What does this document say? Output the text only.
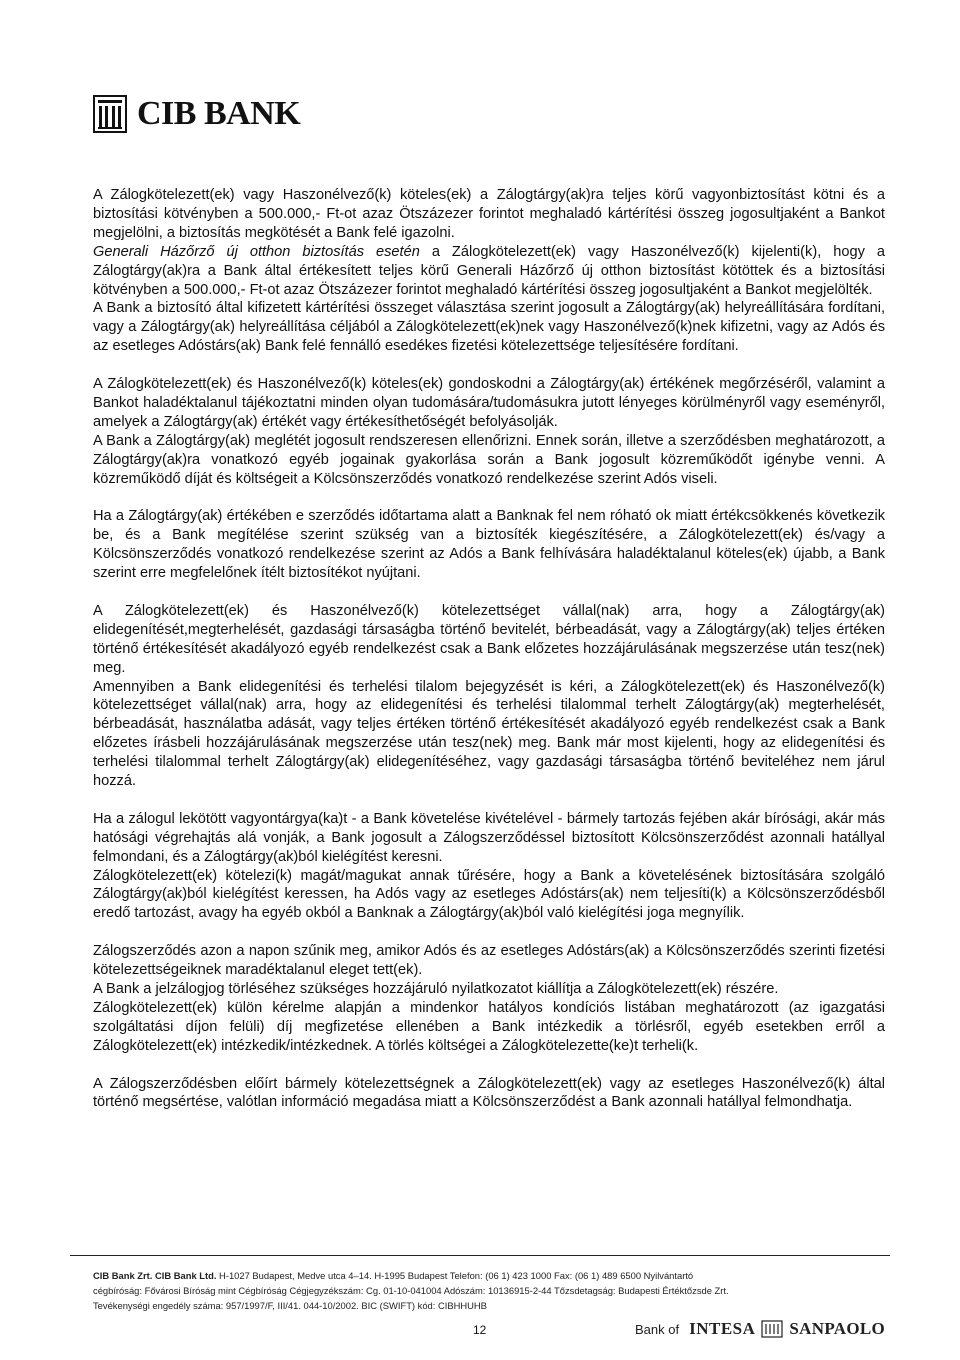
CIB BANK

A Zálogkötelezett(ek) vagy Haszonélvező(k) köteles(ek) a Zálogtárgy(ak)ra teljes körű vagyonbiztosítást kötni és a biztosítási kötvényben a 500.000,- Ft-ot azaz Ötszázezer forintot meghaladó kártérítési összeg jogosultjaként a Bankot megjelölni, a biztosítás megkötését a Bank felé igazolni.

Generali Házőrző új otthon biztosítás esetén a Zálogkötelezett(ek) vagy Haszonélvező(k) kijelenti(k), hogy a Zálogtárgy(ak)ra a Bank által értékesített teljes körű Generali Házőrző új otthon biztosítást kötöttek és a biztosítási kötvényben a 500.000,- Ft-ot azaz Ötszázezer forintot meghaladó kártérítési összeg jogosultjaként a Bankot megjelölték.

A Bank a biztosító által kifizetett kártérítési összeget választása szerint jogosult a Zálogtárgy(ak) helyreállítására fordítani, vagy a Zálogtárgy(ak) helyreállítása céljából a Zálogkötelezett(ek)nek vagy Haszonélvező(k)nek kifizetni, vagy az Adós és az esetleges Adóstárs(ak) Bank felé fennálló esedékes fizetési kötelezettsége teljesítésére fordítani.

A Zálogkötelezett(ek) és Haszonélvező(k) köteles(ek) gondoskodni a Zálogtárgy(ak) értékének megőrzéséről, valamint a Bankot haladéktalanul tájékoztatni minden olyan tudomására/tudomásukra jutott lényeges körülményről vagy eseményről, amelyek a Zálogtárgy(ak) értékét vagy értékesíthetőségét befolyásolják.

A Bank a Zálogtárgy(ak) meglétét jogosult rendszeresen ellenőrizni. Ennek során, illetve a szerződésben meghatározott, a Zálogtárgy(ak)ra vonatkozó egyéb jogainak gyakorlása során a Bank jogosult közreműködőt igénybe venni. A közreműködő díját és költségeit a Kölcsönszerződés vonatkozó rendelkezése szerint Adós viseli.

Ha a Zálogtárgy(ak) értékében e szerződés időtartama alatt a Banknak fel nem róható ok miatt értékcsökkenés következik be, és a Bank megítélése szerint szükség van a biztosíték kiegészítésére, a Zálogkötelezett(ek) és/vagy a Kölcsönszerződés vonatkozó rendelkezése szerint az Adós a Bank felhívására haladéktalanul köteles(ek) újabb, a Bank szerint erre megfelelőnek ítélt biztosítékot nyújtani.

A Zálogkötelezett(ek) és Haszonélvező(k) kötelezettséget vállal(nak) arra, hogy a Zálogtárgy(ak) elidegenítését,megterhelését, gazdasági társaságba történő bevitelét, bérbeadását, vagy a Zálogtárgy(ak) teljes értéken történő értékesítését akadályozó egyéb rendelkezést csak a Bank előzetes hozzájárulásának megszerzése után tesz(nek) meg.

Amennyiben a Bank elidegenítési és terhelési tilalom bejegyzését is kéri, a Zálogkötelezett(ek) és Haszonélvező(k) kötelezettséget vállal(nak) arra, hogy az elidegenítési és terhelési tilalommal terhelt Zálogtárgy(ak) megterhelését, bérbeadását, használatba adását, vagy teljes értéken történő értékesítését akadályozó egyéb rendelkezést csak a Bank előzetes írásbeli hozzájárulásának megszerzése után tesz(nek) meg. Bank már most kijelenti, hogy az elidegenítési és terhelési tilalommal terhelt Zálogtárgy(ak) elidegenítéséhez, vagy gazdasági társaságba történő beviteléhez nem járul hozzá.

Ha a zálogul lekötött vagyontárgya(ka)t - a Bank követelése kivételével - bármely tartozás fejében akár bírósági, akár más hatósági végrehajtás alá vonják, a Bank jogosult a Zálogszerződéssel biztosított Kölcsönszerződést azonnali hatállyal felmondani, és a Zálogtárgy(ak)ból kielégítést keresni.

Zálogkötelezett(ek) kötelezi(k) magát/magukat annak tűrésére, hogy a Bank a követelésének biztosítására szolgáló Zálogtárgy(ak)ból kielégítést keressen, ha Adós vagy az esetleges Adóstárs(ak) nem teljesíti(k) a Kölcsönszerződésből eredő tartozást, avagy ha egyéb okból a Banknak a Zálogtárgy(ak)ból való kielégítési joga megnyílik.

Zálogszerződés azon a napon szűnik meg, amikor Adós és az esetleges Adóstárs(ak) a Kölcsönszerződés szerinti fizetési kötelezettségeiknek maradéktalanul eleget tett(ek).

A Bank a jelzálogjog törléséhez szükséges hozzájáruló nyilatkozatot kiállítja a Zálogkötelezett(ek) részére.

Zálogkötelezett(ek) külön kérelme alapján a mindenkor hatályos kondíciós listában meghatározott (az igazgatási szolgáltatási díjon felüli) díj megfizetése ellenében a Bank intézkedik a törlésről, egyéb esetekben erről a Zálogkötelezett(ek) intézkedik/intézkednek. A törlés költségei a Zálogkötelezette(ke)t terheli(k.

A Zálogszerződésben előírt bármely kötelezettségnek a Zálogkötelezett(ek) vagy az esetleges Haszonélvező(k) által történő megsértése, valótlan információ megadása miatt a Kölcsönszerződést a Bank azonnali hatállyal felmondhatja.

CIB Bank Zrt. CIB Bank Ltd. H-1027 Budapest, Medve utca 4–14. H-1995 Budapest Telefon: (06 1) 423 1000 Fax: (06 1) 489 6500 Nyilvántartó
cégbíróság: Fővárosi Bíróság mint Cégbíróság Cégjegyzékszám: Cg. 01-10-041004 Adószám: 10136915-2-44 Tőzsdetagság: Budapesti Értéktőzsde Zrt.
Tevékenységi engedély száma: 957/1997/F, III/41. 044-10/2002. BIC (SWIFT) kód: CIBHHUHB
12	Bank of INTESA SANPAOLO
